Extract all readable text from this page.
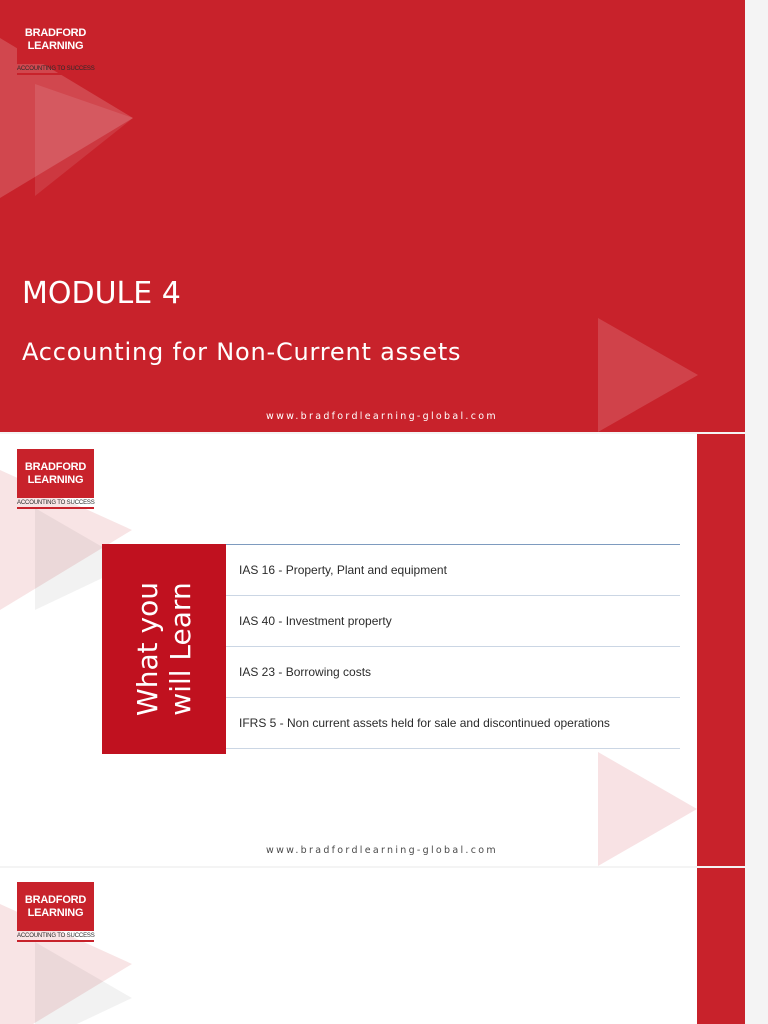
BRADFORD
LEARNING
ACCOUNTING TO SUCCESS
MODULE 4
Accounting for Non-Current assets
www.bradfordlearning-global.com
BRADFORD
LEARNING
ACCOUNTING TO SUCCESS
What you will Learn
IAS 16 - Property, Plant and equipment
IAS 40 - Investment property
IAS 23 - Borrowing costs
IFRS 5 - Non current assets held for sale and discontinued operations
www.bradfordlearning-global.com
BRADFORD
LEARNING
ACCOUNTING TO SUCCESS
